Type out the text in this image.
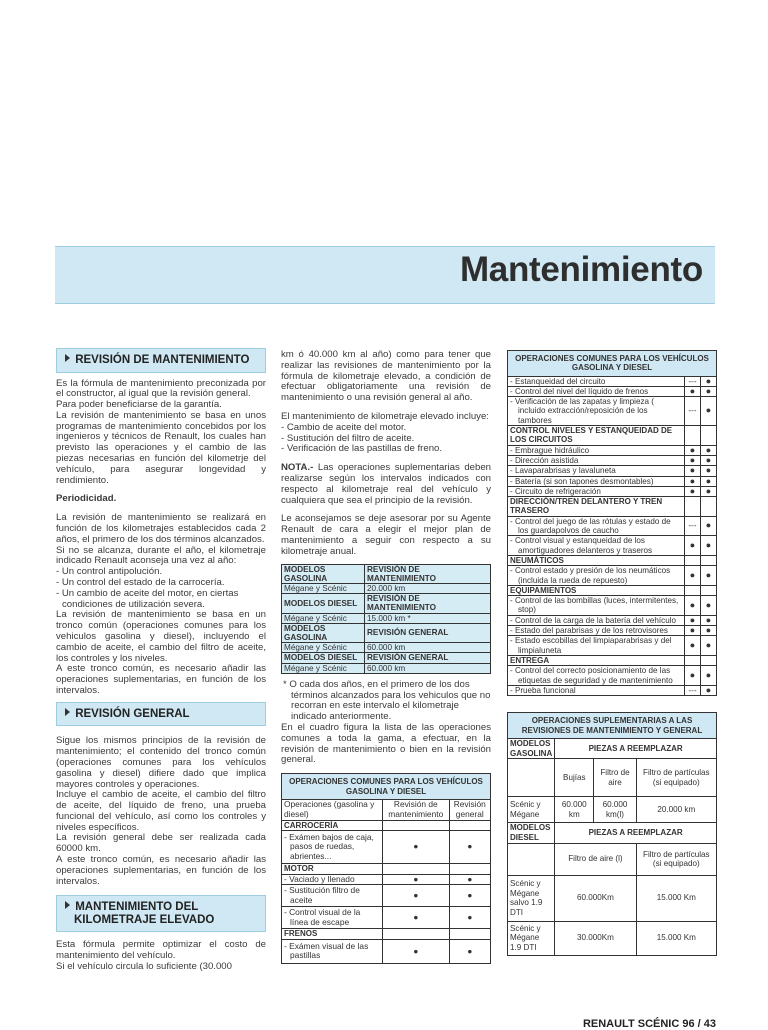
Mantenimiento
REVISIÓN DE MANTENIMIENTO

Es la fórmula de mantenimiento preconizada por el constructor, al igual que la revisión general.

Para poder beneficiarse de la garantía.

La revisión de mantenimiento se basa en unos programas de mantenimiento concebidos por los ingenieros y técnicos de Renault, los cuales han previsto las operaciones y el cambio de las piezas necesarias en función del kilometrje del vehículo, para asegurar longevidad y rendimiento.

Periodicidad.

La revisión de mantenimiento se realizará en función de los kilometrajes establecidos cada 2 años, el primero de los dos términos alcanzados.

Si no se alcanza, durante el año, el kilometraje indicado Renault aconseja una vez al año:

- Un control antipolución.

- Un control del estado de la carrocería.

- Un cambio de aceite del motor, en ciertas condiciones de utilización severa.

La revisión de mantenimiento se basa en un tronco común (operaciones comunes para los vehiculos gasolina y diesel), incluyendo el cambio de aceite, el cambio del filtro de aceite, los controles y los niveles.

A este tronco común, es necesario añadir las operaciones suplementarias, en función de los intervalos.

REVISIÓN GENERAL

Sigue los mismos principios de la revisión de mantenimiento; el contenido del tronco común (operaciones comunes para los vehículos gasolina y diesel) difiere dado que implica mayores controles y operaciones.

Incluye el cambio de aceite, el cambio del filtro de aceite, del líquido de freno, una prueba funcional del vehículo, así como los controles y niveles específicos.

La revisión general debe ser realizada cada 60000 km.

A este tronco común, es necesario añadir las operaciones suplementarias, en función de los intervalos.

MANTENIMIENTO DEL
KILOMETRAJE ELEVADO

Esta fórmula permite optimizar el costo de mantenimiento del vehículo.

Si el vehículo circula lo suficiente (30.000

km ó 40.000 km al año) como para tener que realizar las revisiones de mantenimiento por la fórmula de kilometraje elevado, a condición de efectuar obligatoriamente una revisión de mantenimiento o una revisión general al año.

El mantenimiento de kilometraje elevado incluye:

- Cambio de aceite del motor.

- Sustitución del filtro de aceite.

- Verificación de las pastillas de freno.

NOTA.- Las operaciones suplementarias deben realizarse según los intervalos indicados con respecto al kilometraje real del vehículo y cualquiera que sea el principio de la revisión.

Le aconsejamos se deje asesorar por su Agente Renault de cara a elegir el mejor plan de mantenimiento a seguir con respecto a su kilometraje anual.

MODELOS GASOLINA	REVISIÓN DE MANTENIMIENTO
Mégane y Scénic	20.000 km
MODELOS DIESEL	REVISIÓN DE MANTENIMIENTO
Mégane y Scénic	15.000 km *
MODELOS GASOLINA	REVISIÓN GENERAL
Mégane y Scénic	60.000 km
MODELOS DIESEL	REVISIÓN GENERAL
Mégane y Scénic	60.000 km

* O cada dos años, en el primero de los dos términos alcanzados para los vehiculos que no recorran en este intervalo el kilometraje indicado anteriormente.

En el cuadro figura la lista de las operaciones comunes a toda la gama, a efectuar, en la revisión de mantenimiento o bien en la revisión general.

OPERACIONES COMUNES PARA LOS VEHÍCULOS GASOLINA Y DIESEL		
Operaciones (gasolina y diesel)	Revisión de mantenimiento	Revisión general
CARROCERÍA		
- Exámen bajos de caja, pasos de ruedas, abrientes...	●	●
MOTOR		
- Vaciado y llenado	●	●
- Sustitución filtro de aceite	●	●
- Control visual de la línea de escape	●	●
FRENOS		
- Exámen visual de las pastillas	●	●
OPERACIONES COMUNES PARA LOS VEHÍCULOS GASOLINA Y DIESEL		
- Estanqueidad del circuito	---	●
- Control del nivel del líquido de frenos	●	●
- Verificación de las zapatas y limpieza ( incluido extracción/reposición de los tambores	---	●
CONTROL NIVELES Y ESTANQUEIDAD DE LOS CIRCUITOS		
- Embrague hidráulico	●	●
- Dirección asistida	●	●
- Lavaparabrisas y lavaluneta	●	●
- Batería (si son tapones desmontables)	●	●
- Circuito de refrigeración	●	●
DIRECCIÓN/TREN DELANTERO Y TREN TRASERO		
- Control del juego de las rótulas y estado de los guardapolvos de caucho	---	●
- Control visual y estanqueidad de los amortiguadores delanteros y traseros	●	●
NEUMÁTICOS		
- Control estado y presión de los neumáticos (incluida la rueda de repuesto)	●	●
EQUIPAMIENTOS		
- Control de las bombillas (luces, intermitentes, stop)	●	●
- Control de la carga de la batería del vehículo	●	●
- Estado del parabrisas y de los retrovisores	●	●
- Estado escobillas del limpiaparabrisas y del limpialuneta	●	●
ENTREGA		
- Control del correcto posicionamiento de las etiquetas de seguridad y de mantenimiento	●	●
- Prueba funcional	---	●
OPERACIONES SUPLEMENTARIAS A LAS REVISIONES DE MANTENIMIENTO Y GENERAL			
MODELOS GASOLINA	PIEZAS A REEMPLAZAR		
	Bujías	Filtro de aire	Filtro de partículas (si equipado)
Scénic y Mégane	60.000 km	60.000 km(l)	20.000 km
MODELOS DIESEL	PIEZAS A REEMPLAZAR		
	Filtro de aire (l)		Filtro de partículas (si equipado)
Scénic y Mégane salvo 1.9 DTI	60.000Km		15.000 Km
Scénic y Mégane 1.9 DTI	30.000Km		15.000 Km
RENAULT SCÉNIC 96 / 43
